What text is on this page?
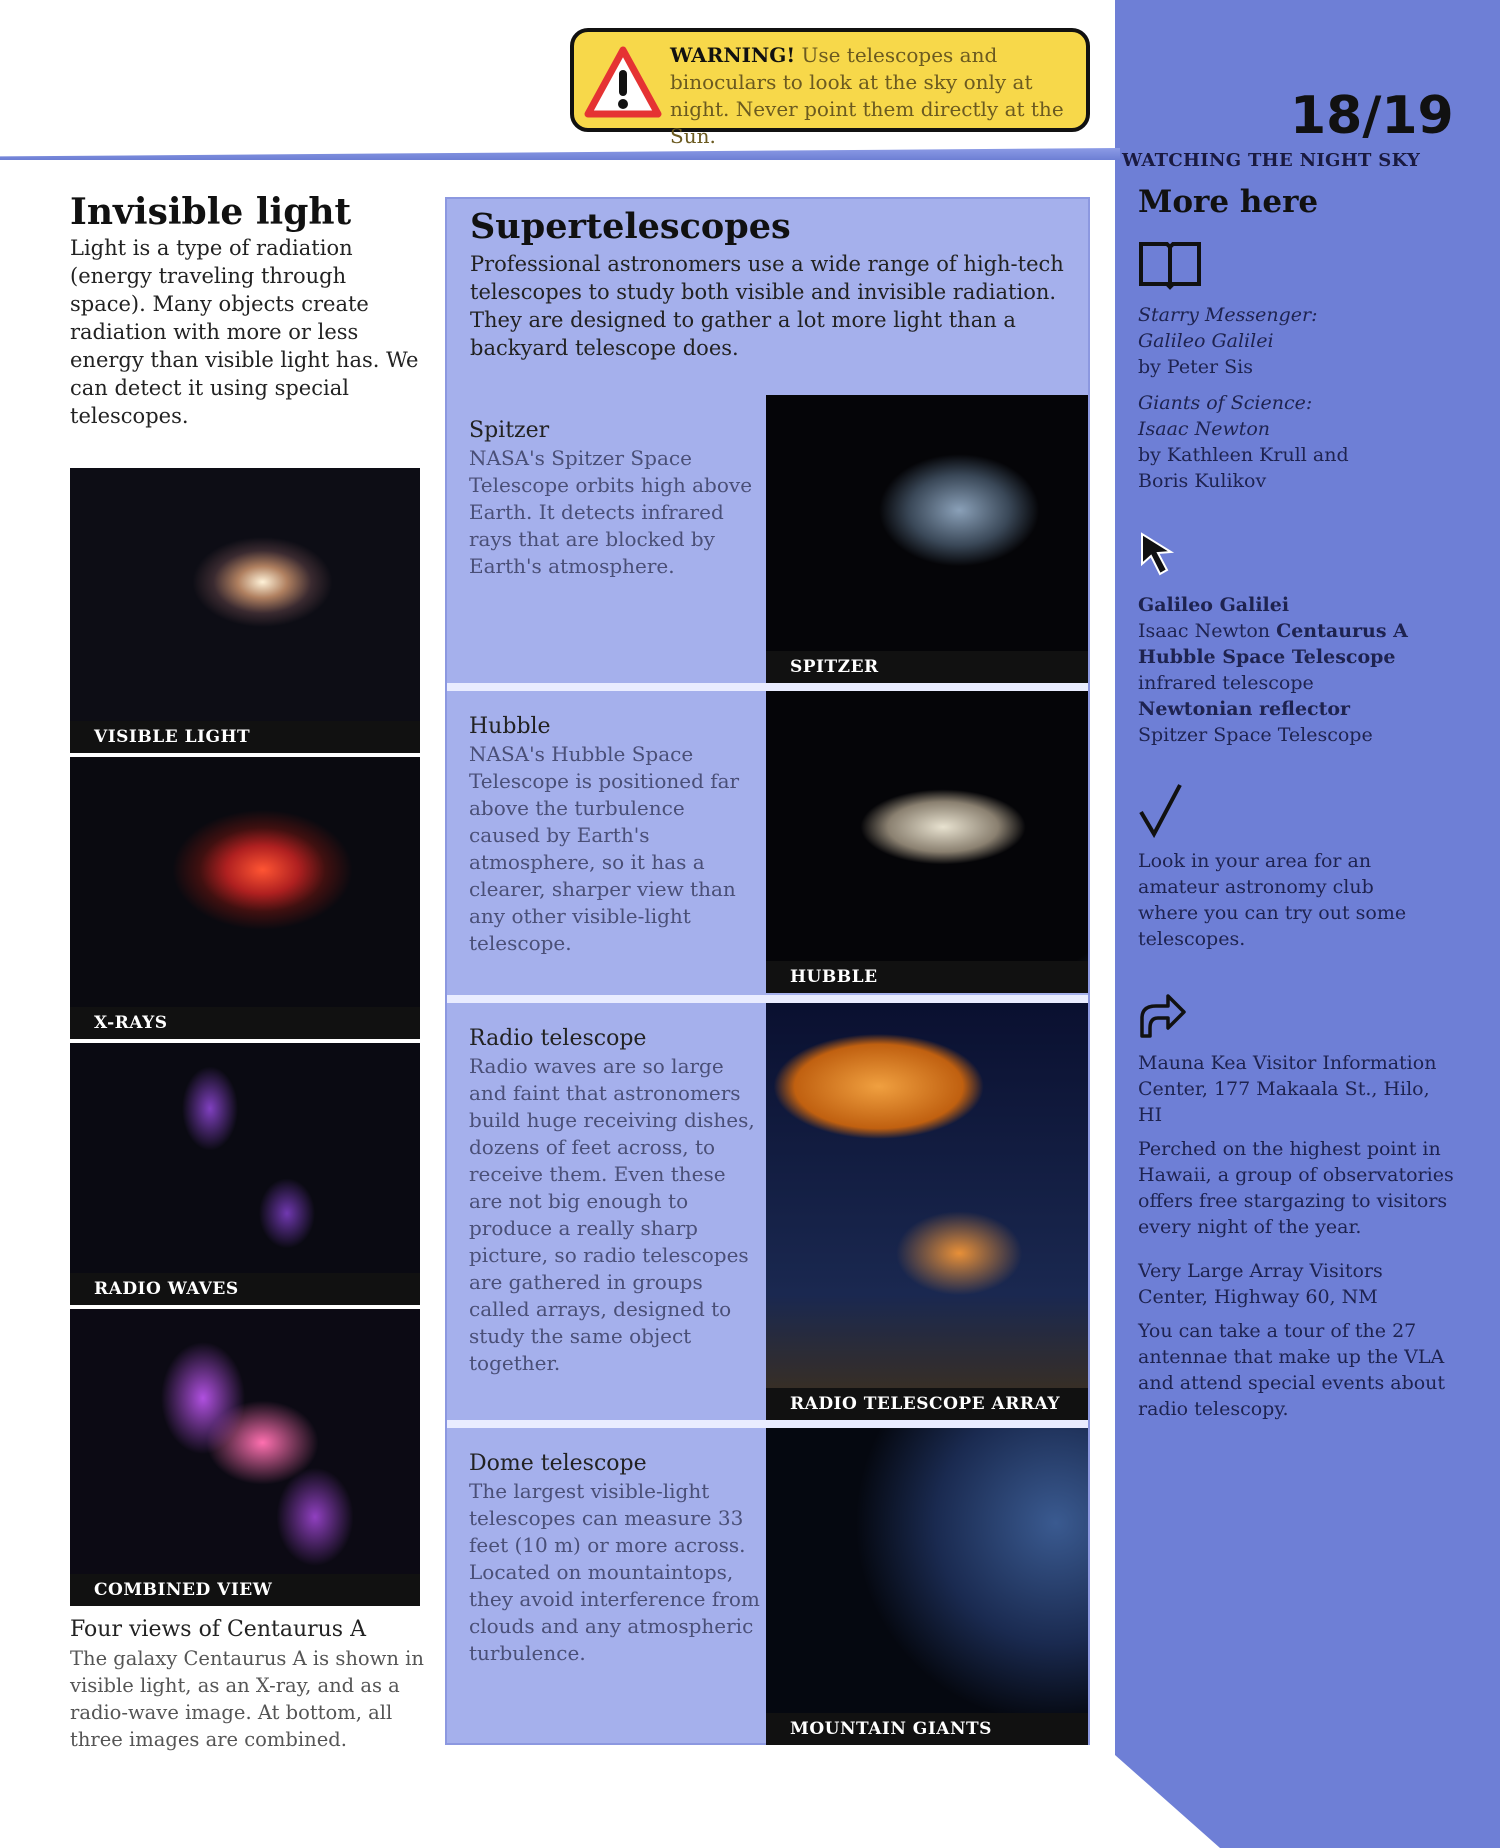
WARNING! Use telescopes and binoculars to look at the sky only at night. Never point them directly at the Sun.	18/19
WATCHING THE NIGHT SKY
Invisible light
Light is a type of radiation (energy traveling through space). Many objects create radiation with more or less energy than visible light has. We can detect it using special telescopes.
VISIBLE LIGHT
X-RAYS
RADIO WAVES
COMBINED VIEW
Four views of Centaurus A
The galaxy Centaurus A is shown in visible light, as an X-ray, and as a radio-wave image. At bottom, all three images are combined.
Supertelescopes
Professional astronomers use a wide range of high-tech telescopes to study both visible and invisible radiation. They are designed to gather a lot more light than a backyard telescope does.
Spitzer

NASA's Spitzer Space Telescope orbits high above Earth. It detects infrared rays that are blocked by Earth's atmosphere.

SPITZER
Hubble

NASA's Hubble Space Telescope is positioned far above the turbulence caused by Earth's atmosphere, so it has a clearer, sharper view than any other visible-light telescope.

HUBBLE
Radio telescope

Radio waves are so large and faint that astronomers build huge receiving dishes, dozens of feet across, to receive them. Even these are not big enough to produce a really sharp picture, so radio telescopes are gathered in groups called arrays, designed to study the same object together.

RADIO TELESCOPE ARRAY
Dome telescope

The largest visible-light telescopes can measure 33 feet (10 m) or more across. Located on mountaintops, they avoid interference from clouds and any atmospheric turbulence.

MOUNTAIN GIANTS
More here
Starry Messenger: Galileo Galilei
by Peter Sis
Giants of Science: Isaac Newton
by Kathleen Krull and Boris Kulikov
Galileo Galilei
Isaac Newton Centaurus A
Hubble Space Telescope
infrared telescope
Newtonian reflector
Spitzer Space Telescope
Look in your area for an amateur astronomy club where you can try out some telescopes.
Mauna Kea Visitor Information Center, 177 Makaala St., Hilo, HI
Perched on the highest point in Hawaii, a group of observatories offers free stargazing to visitors every night of the year.
Very Large Array Visitors Center, Highway 60, NM
You can take a tour of the 27 antennae that make up the VLA and attend special events about radio telescopy.
